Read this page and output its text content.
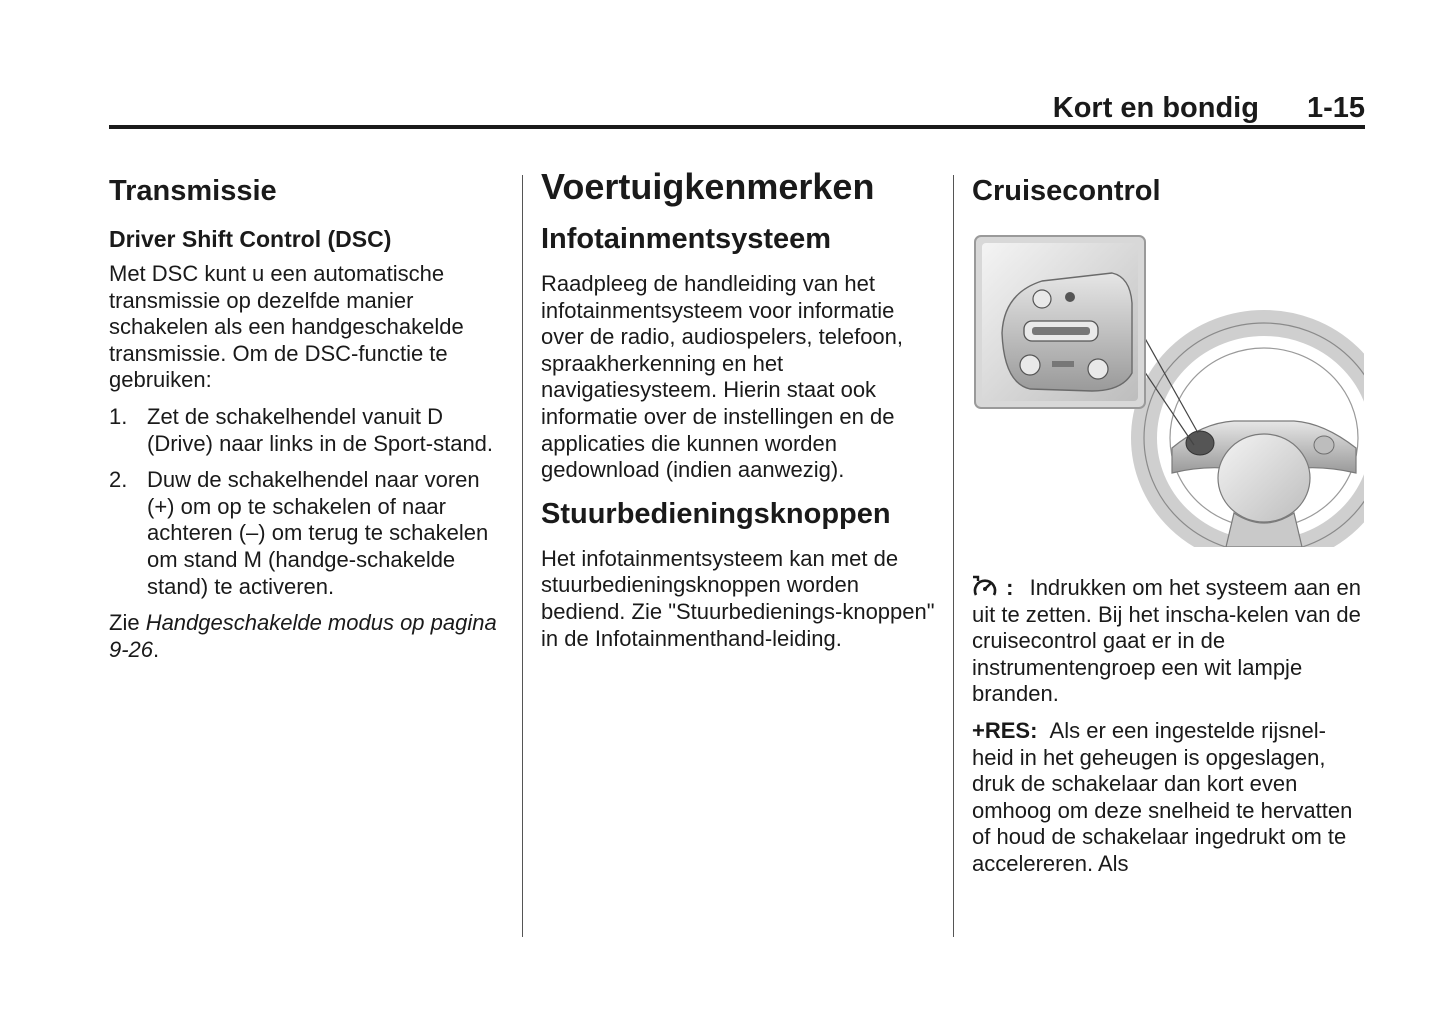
Kort en bondig 1-15
Transmissie
Driver Shift Control (DSC)

Met DSC kunt u een automatische transmissie op dezelfde manier schakelen als een handgeschakelde transmissie. Om de DSC-functie te gebruiken:

1. Zet de schakelhendel vanuit D (Drive) naar links in de Sport-stand.
2. Duw de schakelhendel naar voren (+) om op te schakelen of naar achteren (–) om terug te schakelen om stand M (handge-schakelde stand) te activeren.

Zie Handgeschakelde modus op pagina 9-26.

Voertuigkenmerken
Infotainmentsysteem

Raadpleeg de handleiding van het infotainmentsysteem voor informatie over de radio, audiospelers, telefoon, spraakherkenning en het navigatiesysteem. Hierin staat ook informatie over de instellingen en de applicaties die kunnen worden gedownload (indien aanwezig).

Stuurbedieningsknoppen

Het infotainmentsysteem kan met de stuurbedieningsknoppen worden bediend. Zie "Stuurbedienings-knoppen" in de Infotainmenthand-leiding.

Cruisecontrol

: Indrukken om het systeem aan en uit te zetten. Bij het inscha-kelen van de cruisecontrol gaat er in de instrumentengroep een wit lampje branden.

+RES: Als er een ingestelde rijsnel-heid in het geheugen is opgeslagen, druk de schakelaar dan kort even omhoog om deze snelheid te hervatten of houd de schakelaar ingedrukt om te accelereren. Als
